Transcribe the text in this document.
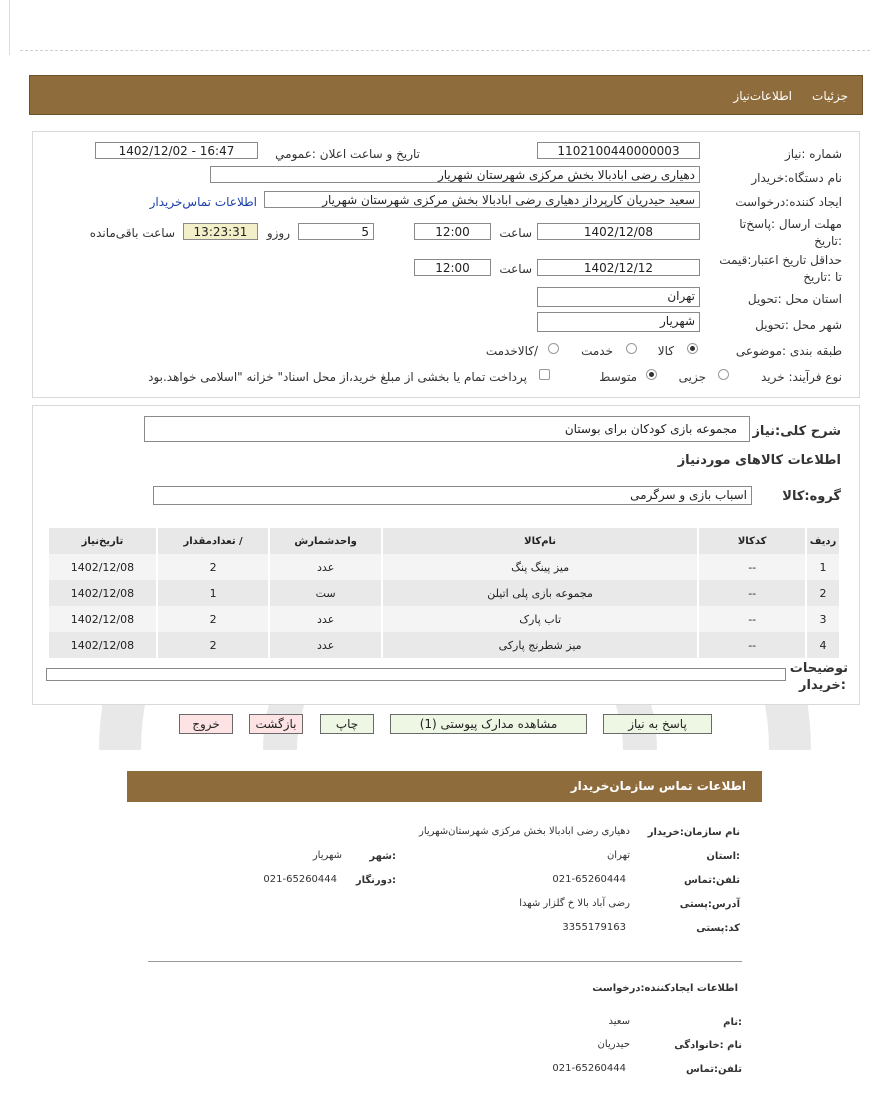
جزئیات
اطلاعات‌نیاز
شماره :نیاز
1102100440000003
تاریخ و ساعت اعلان :عمومي
1402/12/02 - 16:47
نام دستگاه:خریدار
دهیاری رضی ابادبالا بخش مرکزی شهرستان شهریار
ایجاد کننده:درخواست
سعید حیدریان کارپرداز دهیاری رضی ابادبالا بخش مرکزی شهرستان شهریار
اطلاعات تماس‌خریدار
مهلت ارسال :پاسخ‌تا
:تاریخ
1402/12/08
ساعت
12:00
5
روزو
13:23:31
ساعت باقی‌مانده
حداقل تاریخ اعتبار:قیمت
تا :تاریخ
1402/12/12
ساعت
12:00
استان محل :تحویل
تهران
شهر محل :تحویل
شهریار
طبقه بندی :موضوعی
کالا
خدمت
/کالاخدمت
نوع فرآیند: خرید
جزیی
متوسط
پرداخت تمام یا بخشی از مبلغ خرید،از محل اسناد" خزانه "اسلامی خواهد.بود
شرح کلی:نیاز
مجموعه بازی کودکان برای بوستان
اطلاعات کالاهای موردنیاز
گروه:کالا
اسباب بازی و سرگرمی
ردیف	کدکالا	نام‌کالا	واحدشمارش	/ تعدادمقدار	تاریخ‌نیاز
1	--	میز پینگ پنگ	عدد	2	1402/12/08
2	--	مجموعه بازی پلی اتیلن	ست	1	1402/12/08
3	--	تاب پارک	عدد	2	1402/12/08
4	--	میز شطرنج پارکی	عدد	2	1402/12/08
توضیحات
:خریدار
پاسخ به نیاز
مشاهده مدارک پیوستی (1)
چاپ
بازگشت
خروج
اطلاعات تماس سازمان‌خریدار
نام سازمان:خریدار
دهیاری رضی ابادبالا بخش مرکزی شهرستان‌شهریار
:استان
تهران
:شهر
شهریار
تلفن:تماس
021-65260444
:دورنگار
021-65260444
آدرس:پستی
رضی آباد بالا خ گلزار شهدا
کد:پستی
3355179163
اطلاعات ایجادکننده:درخواست
:نام
سعید
نام :خانوادگی
حیدریان
تلفن:تماس
021-65260444
